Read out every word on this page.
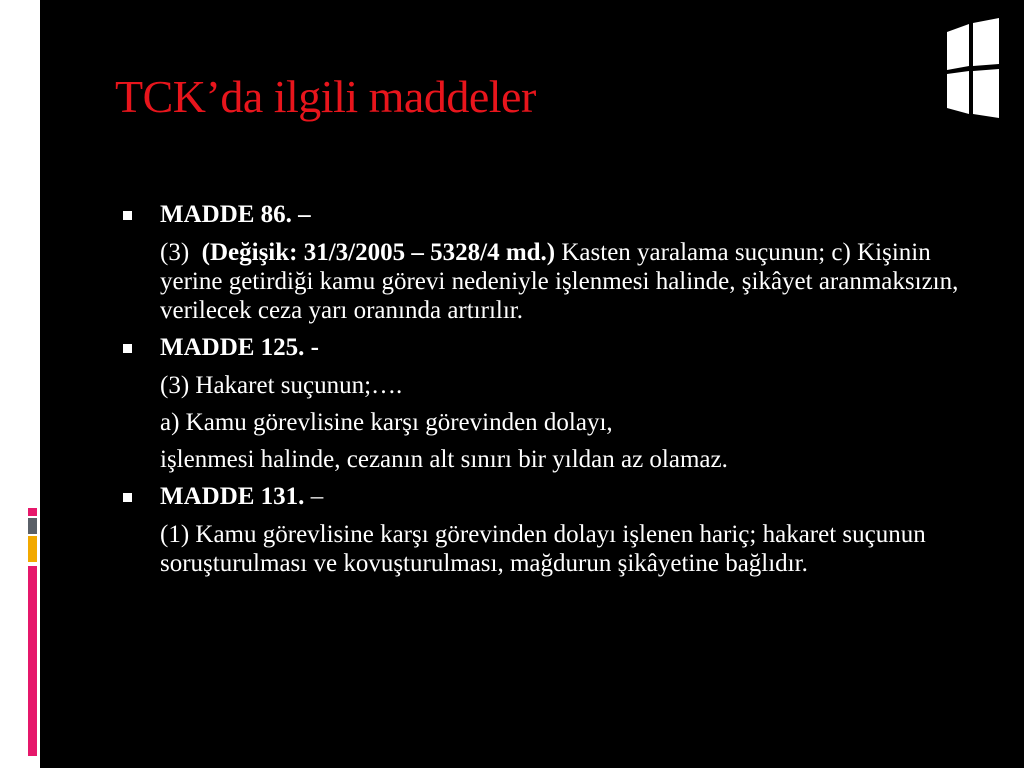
TCK’da ilgili maddeler
MADDE 86. –
(3) (Değişik: 31/3/2005 – 5328/4 md.) Kasten yaralama suçunun; c) Kişinin yerine getirdiği kamu görevi nedeniyle işlenmesi halinde, şikâyet aranmaksızın, verilecek ceza yarı oranında artırılır.
MADDE 125. -
(3) Hakaret suçunun;….
a) Kamu görevlisine karşı görevinden dolayı,
işlenmesi halinde, cezanın alt sınırı bir yıldan az olamaz.
MADDE 131. –
(1) Kamu görevlisine karşı görevinden dolayı işlenen hariç; hakaret suçunun soruşturulması ve kovuşturulması, mağdurun şikâyetine bağlıdır.
